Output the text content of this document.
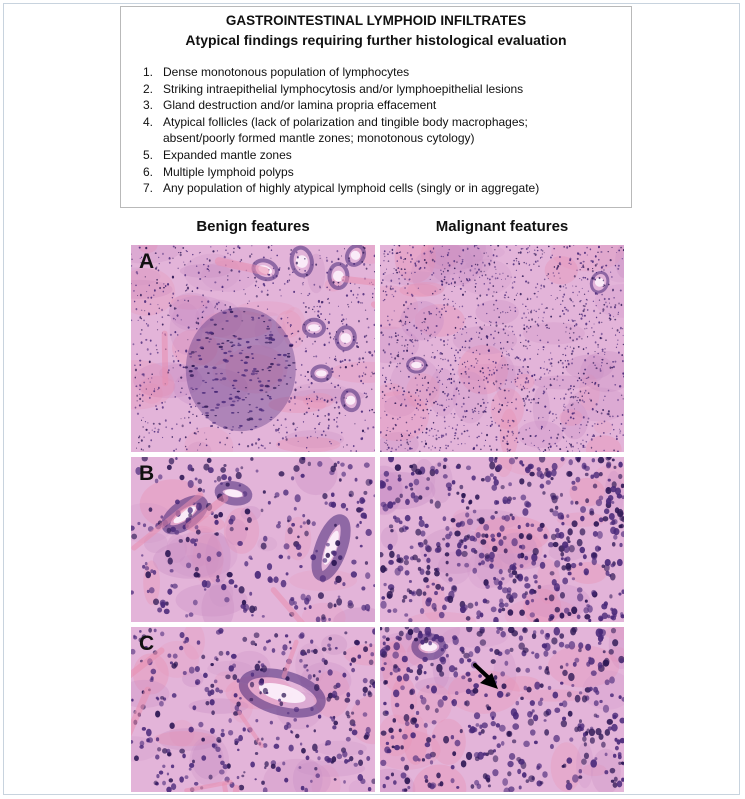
GASTROINTESTINAL LYMPHOID INFILTRATES
Atypical findings requiring further histological evaluation
1. Dense monotonous population of lymphocytes
2. Striking intraepithelial lymphocytosis and/or lymphoepithelial lesions
3. Gland destruction and/or lamina propria effacement
4. Atypical follicles (lack of polarization and tingible body macrophages;
absent/poorly formed mantle zones; monotonous cytology)
5. Expanded mantle zones
6. Multiple lymphoid polyps
7. Any population of highly atypical lymphoid cells (singly or in aggregate)
Benign features	Malignant features
A
B
C
